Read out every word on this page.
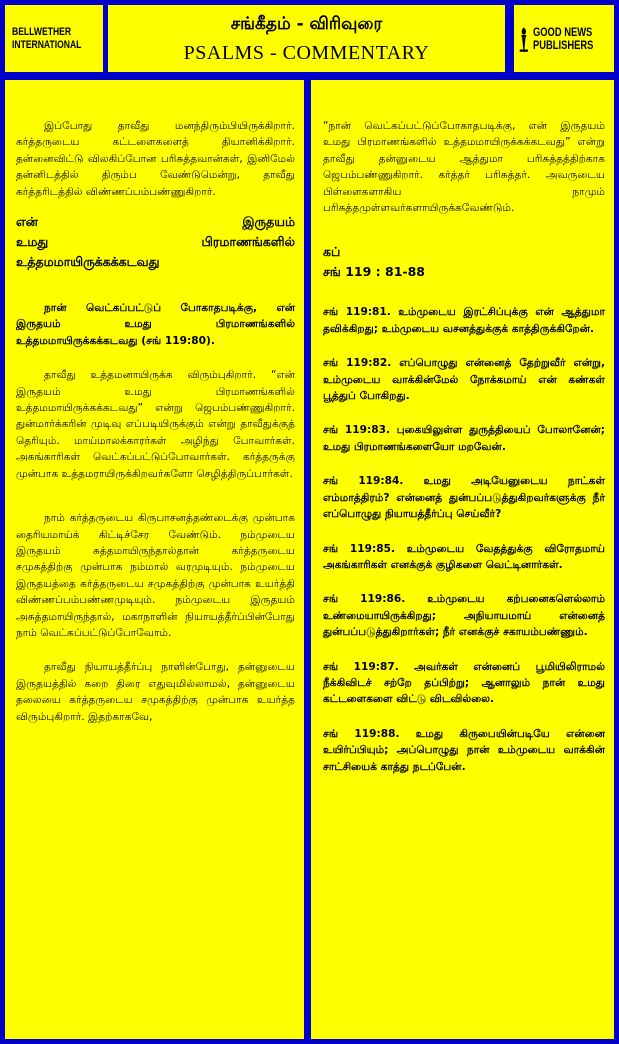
BELLWETHER
INTERNATIONAL
சங்கீதம் - விரிவுரை
PSALMS - COMMENTARY
GOOD NEWS
PUBLISHERS

இப்போது தாவீது மனந்திரும்பியிருக்கிறார். கர்த்தருடைய கட்டளைகளைத் தியானிக்கிறார். தன்னைவிட்டு விலகிப்போன பரிசுத்தவான்கள், இனிமேல் தன்னிடத்தில் திரும்ப வேண்டுமென்று, தாவீது கர்த்தரிடத்தில் விண்ணப்பம்பண்ணுகிறார்.

என் இருதயம்

உமது பிரமாணங்களில்

உத்தமமாயிருக்கக்கடவது

நான் வெட்கப்பட்டுப் போகாதபடிக்கு, என் இருதயம் உமது பிரமாணங்களில் உத்தமமாயிருக்கக்கடவது (சங் 119:80).

தாவீது உத்தமனாயிருக்க விரும்புகிறார். “என் இருதயம் உமது பிரமாணங்களில் உத்தமமாயிருக்கக்கடவது” என்று ஜெபம்பண்ணுகிறார். துன்மார்க்கரின் முடிவு எப்படியிருக்கும் என்று தாவீதுக்குத் தெரியும். மாய்மாலக்காரர்கள் அழிந்து போவார்கள். அகங்காரிகள் வெட்கப்பட்டுப்போவார்கள். கர்த்தருக்கு முன்பாக உத்தமராயிருக்கிறவர்களோ செழித்திருப்பார்கள்.

நாம் கர்த்தருடைய கிருபாசனத்தண்டைக்கு முன்பாக தைரியமாய்க் கிட்டிச்சேர வேண்டும். நம்முடைய இருதயம் சுத்தமாயிருந்தால்தான் கர்த்தருடைய சமுகத்திற்கு முன்பாக நம்மால் வரமுடியும். நம்முடைய இருதயத்தை கர்த்தருடைய சமுகத்திற்கு முன்பாக உயர்த்தி விண்ணப்பம்பண்ணமுடியும். நம்முடைய இருதயம் அசுத்தமாயிருந்தால், மகாநாளின் நியாயத்தீர்ப்பின்போது நாம் வெட்கப்பட்டுப்போவோம்.

தாவீது நியாயத்தீர்ப்பு நாளின்போது, தன்னுடைய இருதயத்தில் கறை திரை எதுவுமில்லாமல், தன்னுடைய தலையை கர்த்தருடைய சமுகத்திற்கு முன்பாக உயர்த்த விரும்புகிறார். இதற்காகவே,

“நான் வெட்கப்பட்டுப்போகாதபடிக்கு, என் இருதயம் உமது பிரமாணங்களில் உத்தமமாயிருக்கக்கடவது” என்று தாவீது தன்னுடைய ஆத்துமா பரிசுத்தத்திற்காக ஜெபம்பண்ணுகிறார். கர்த்தர் பரிசுத்தர். அவருடைய பிள்ளைகளாகிய நாமும் பரிசுத்தமுள்ளவர்களாயிருக்கவேண்டும்.

கப்

சங் 119 : 81-88

சங் 119:81. உம்முடைய இரட்சிப்புக்கு என் ஆத்துமா தவிக்கிறது; உம்முடைய வசனத்துக்குக் காத்திருக்கிறேன்.

சங் 119:82. எப்பொழுது என்னைத் தேற்றுவீர் என்று, உம்முடைய வாக்கின்மேல் நோக்கமாய் என் கண்கள் பூத்துப் போகிறது.

சங் 119:83. புகையிலுள்ள துருத்தியைப் போலானேன்; உமது பிரமாணங்களையோ மறவேன்.

சங் 119:84. உமது அடியேனுடைய நாட்கள் எம்மாத்திரம்? என்னைத் துன்பப்படுத்துகிறவர்களுக்கு நீர் எப்பொழுது நியாயத்தீர்ப்பு செய்வீர்?

சங் 119:85. உம்முடைய வேதத்துக்கு விரோதமாய் அகங்காரிகள் எனக்குக் குழிகளை வெட்டினார்கள்.

சங் 119:86. உம்முடைய கற்பனைகளெல்லாம் உண்மையாயிருக்கிறது; அநியாயமாய் என்னைத் துன்பப்படுத்துகிறார்கள்; நீர் எனக்குச் சகாயம்பண்ணும்.

சங் 119:87. அவர்கள் என்னைப் பூமியிலிராமல் நீக்கிவிடச் சற்றே தப்பிற்று; ஆனாலும் நான் உமது கட்டளைகளை விட்டு விடவில்லை.

சங் 119:88. உமது கிருபையின்படியே என்னை உயிர்ப்பியும்; அப்பொழுது நான் உம்முடைய வாக்கின் சாட்சியைக் காத்து நடப்பேன்.
